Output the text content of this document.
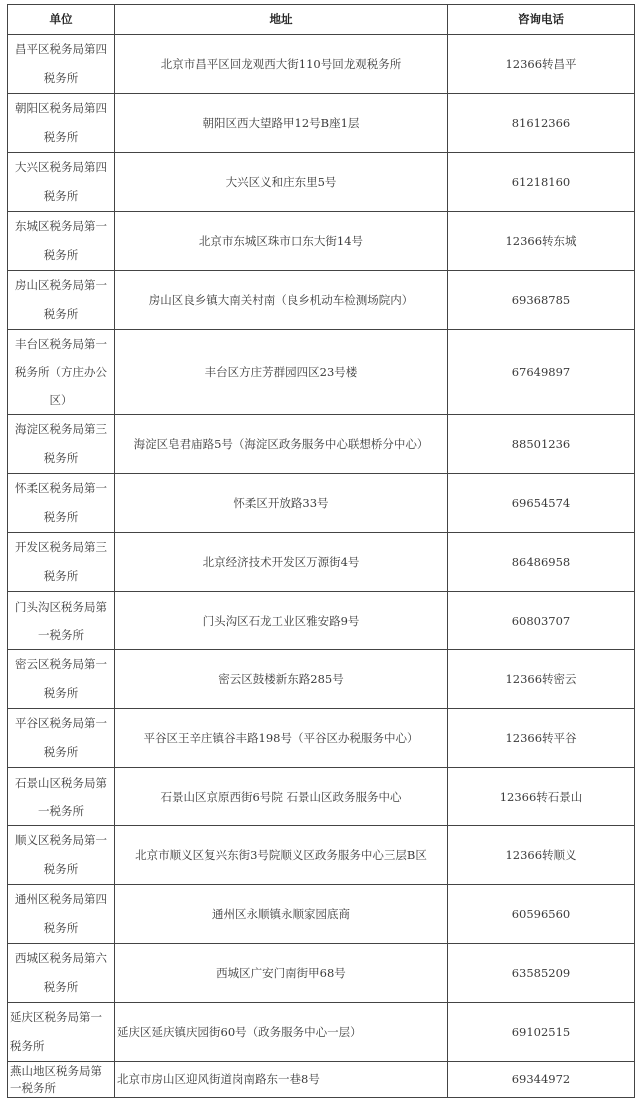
单位	地址	咨询电话
昌平区税务局第四税务所	北京市昌平区回龙观西大街110号回龙观税务所	12366转昌平
朝阳区税务局第四税务所	朝阳区西大望路甲12号B座1层	81612366
大兴区税务局第四税务所	大兴区义和庄东里5号	61218160
东城区税务局第一税务所	北京市东城区珠市口东大街14号	12366转东城
房山区税务局第一税务所	房山区良乡镇大南关村南（良乡机动车检测场院内）	69368785
丰台区税务局第一税务所（方庄办公区）	丰台区方庄芳群园四区23号楼	67649897
海淀区税务局第三税务所	海淀区皂君庙路5号（海淀区政务服务中心联想桥分中心）	88501236
怀柔区税务局第一税务所	怀柔区开放路33号	69654574
开发区税务局第三税务所	北京经济技术开发区万源街4号	86486958
门头沟区税务局第一税务所	门头沟区石龙工业区雅安路9号	60803707
密云区税务局第一税务所	密云区鼓楼新东路285号	12366转密云
平谷区税务局第一税务所	平谷区王辛庄镇谷丰路198号（平谷区办税服务中心）	12366转平谷
石景山区税务局第一税务所	石景山区京原西街6号院 石景山区政务服务中心	12366转石景山
顺义区税务局第一税务所	北京市顺义区复兴东街3号院顺义区政务服务中心三层B区	12366转顺义
通州区税务局第四税务所	通州区永顺镇永顺家园底商	60596560
西城区税务局第六税务所	西城区广安门南街甲68号	63585209
延庆区税务局第一税务所	延庆区延庆镇庆园街60号（政务服务中心一层）	69102515
燕山地区税务局第一税务所	北京市房山区迎风街道岗南路东一巷8号	69344972
